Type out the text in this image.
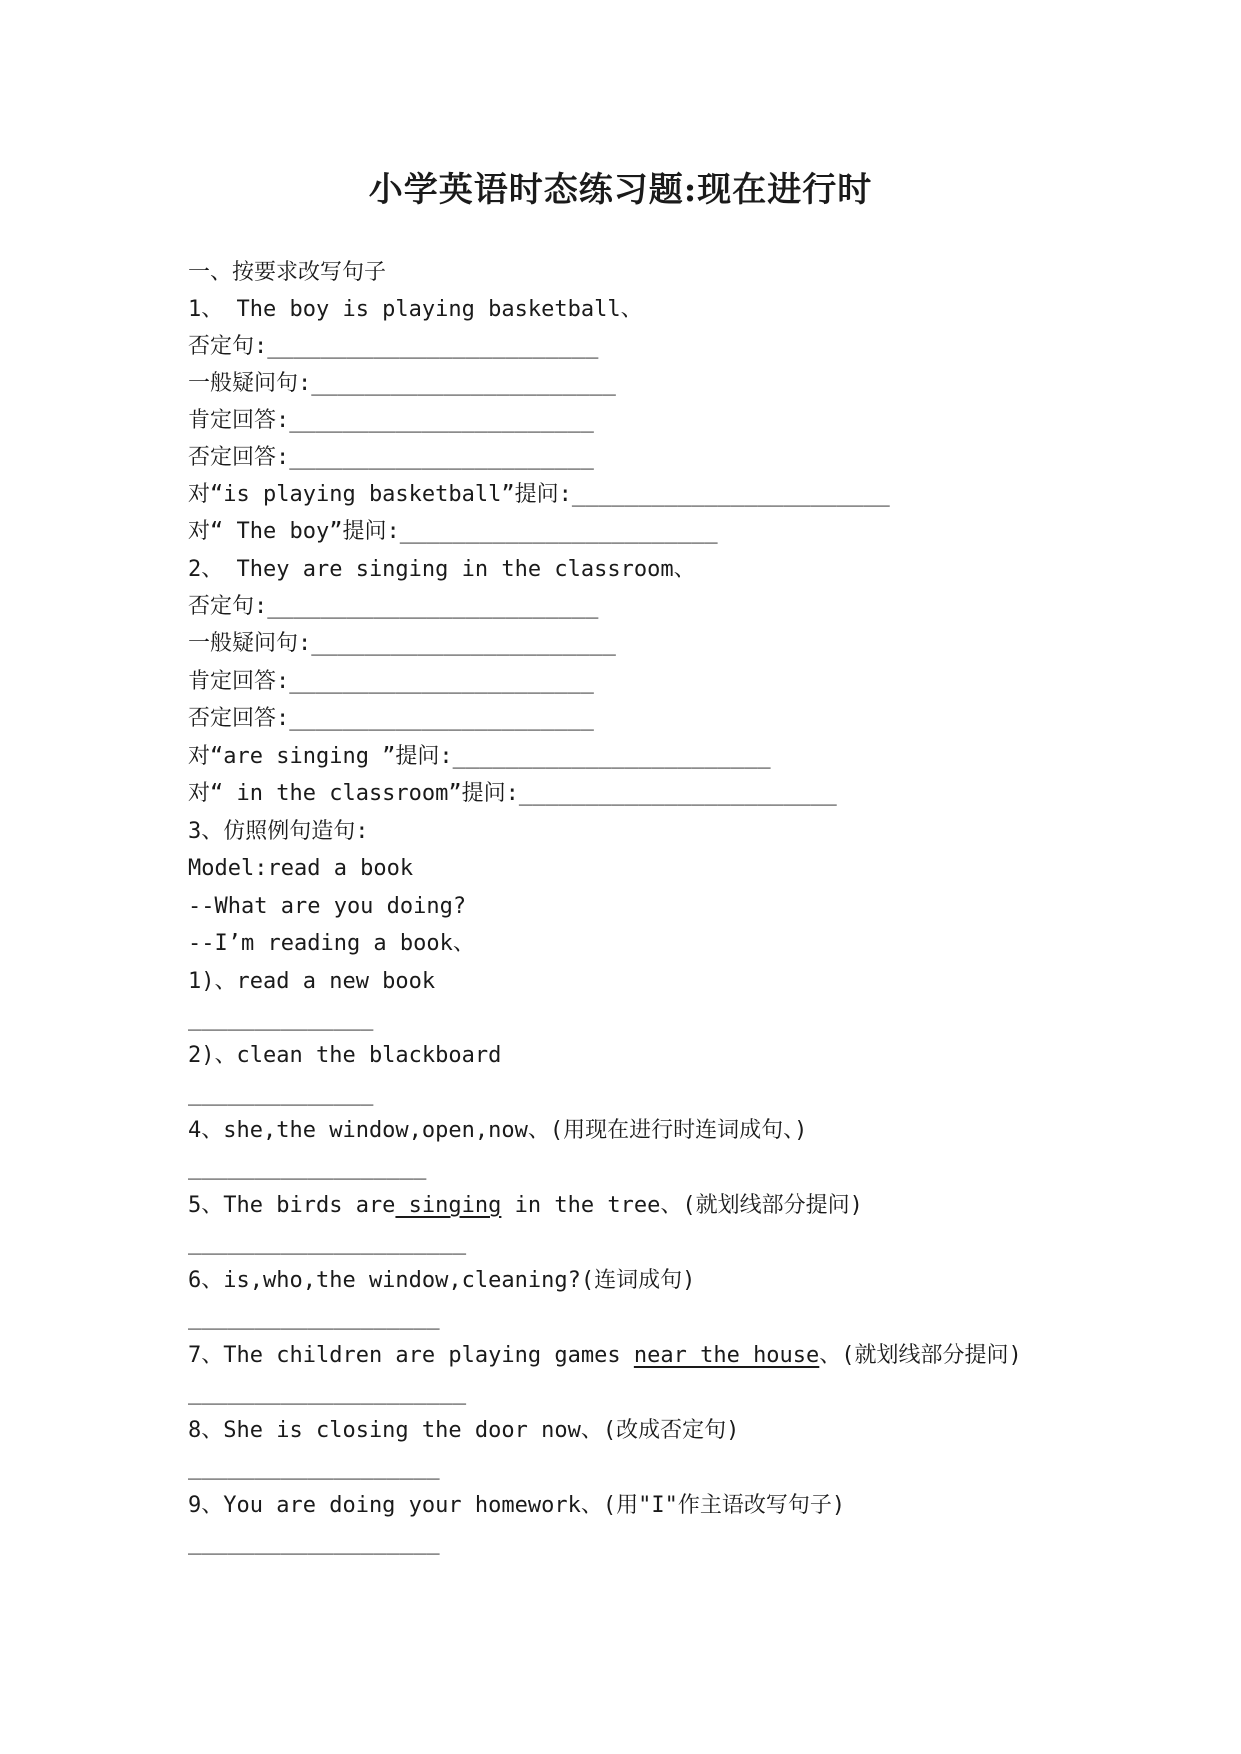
小学英语时态练习题:现在进行时
一、按要求改写句子
1、 The boy is playing basketball、
否定句:_________________________
一般疑问句:_______________________
肯定回答:_______________________
否定回答:_______________________
对“is playing basketball”提问:________________________
对“ The boy”提问:________________________
2、 They are singing in the classroom、
否定句:_________________________
一般疑问句:_______________________
肯定回答:_______________________
否定回答:_______________________
对“are singing ”提问:________________________
对“ in the classroom”提问:________________________
3、仿照例句造句:
Model:read a book
--What are you doing?
--I’m reading a book、
1)、read a new book
______________
2)、clean the blackboard
______________
4、she,the window,open,now、(用现在进行时连词成句、)
__________________
5、The birds are singing in the tree、(就划线部分提问)
_____________________
6、is,who,the window,cleaning?(连词成句)
___________________
7、The children are playing games near the house、(就划线部分提问)
_____________________
8、She is closing the door now、(改成否定句)
___________________
9、You are doing your homework、(用"I"作主语改写句子)
___________________
